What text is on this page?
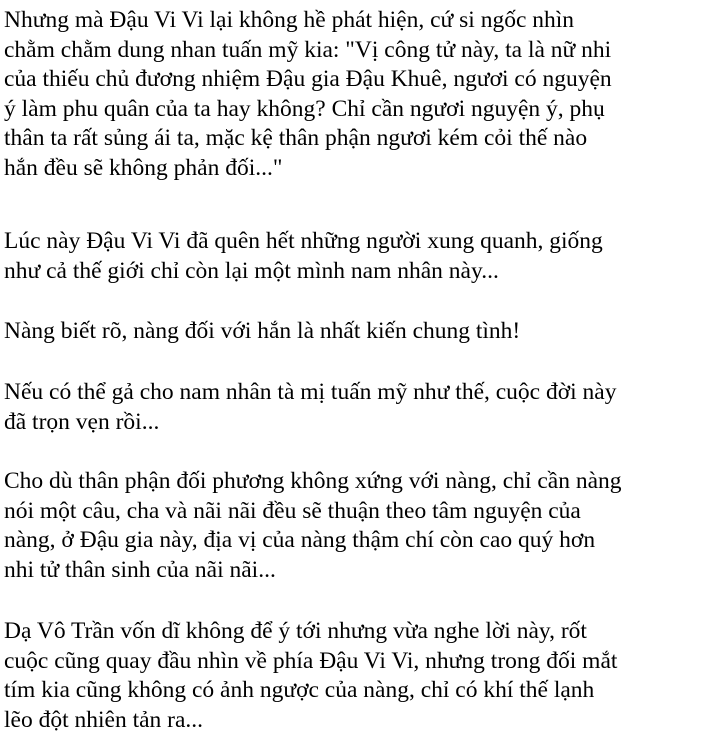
Nhưng mà Đậu Vi Vi lại không hề phát hiện, cứ si ngốc nhìn
chằm chằm dung nhan tuấn mỹ kia: "Vị công tử này, ta là nữ nhi
của thiếu chủ đương nhiệm Đậu gia Đậu Khuê, ngươi có nguyện
ý làm phu quân của ta hay không? Chỉ cần ngươi nguyện ý, phụ
thân ta rất sủng ái ta, mặc kệ thân phận ngươi kém cỏi thế nào
hắn đều sẽ không phản đối..."
Lúc này Đậu Vi Vi đã quên hết những người xung quanh, giống
như cả thế giới chỉ còn lại một mình nam nhân này...
Nàng biết rõ, nàng đối với hắn là nhất kiến chung tình!
Nếu có thể gả cho nam nhân tà mị tuấn mỹ như thế, cuộc đời này
đã trọn vẹn rồi...
Cho dù thân phận đối phương không xứng với nàng, chỉ cần nàng
nói một câu, cha và nãi nãi đều sẽ thuận theo tâm nguyện của
nàng, ở Đậu gia này, địa vị của nàng thậm chí còn cao quý hơn
nhi tử thân sinh của nãi nãi...
Dạ Vô Trần vốn dĩ không để ý tới nhưng vừa nghe lời này, rốt
cuộc cũng quay đầu nhìn về phía Đậu Vi Vi, nhưng trong đối mắt
tím kia cũng không có ảnh ngược của nàng, chỉ có khí thế lạnh
lẽo đột nhiên tản ra...
